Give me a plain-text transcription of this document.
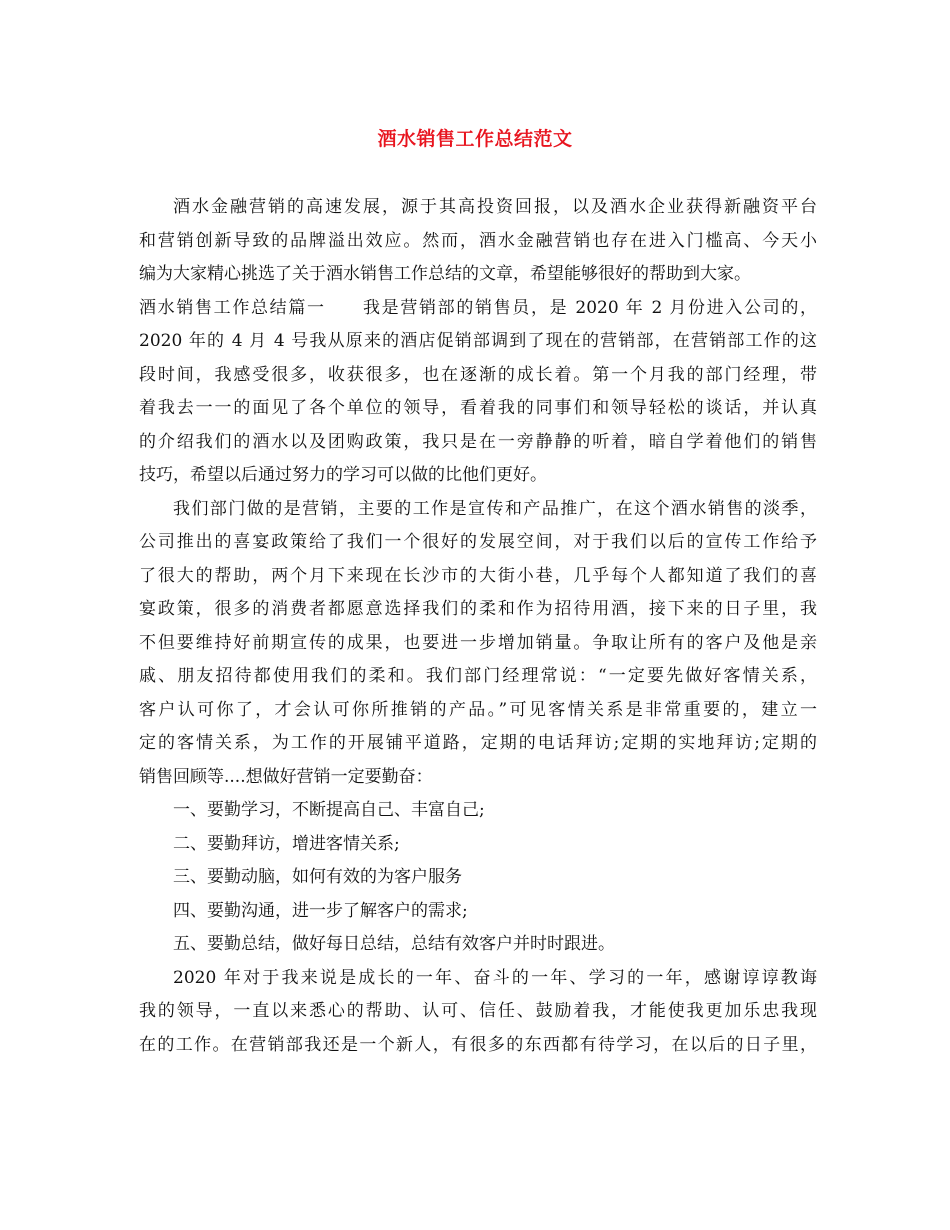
酒水销售工作总结范文
酒水金融营销的高速发展，源于其高投资回报，以及酒水企业获得新融资平台
和营销创新导致的品牌溢出效应。然而，酒水金融营销也存在进入门槛高、今天小
编为大家精心挑选了关于酒水销售工作总结的文章，希望能够很好的帮助到大家。
酒水销售工作总结篇一　　我是营销部的销售员，是 2020 年 2 月份进入公司的，
2020 年的 4 月 4 号我从原来的酒店促销部调到了现在的营销部，在营销部工作的这
段时间，我感受很多，收获很多，也在逐渐的成长着。第一个月我的部门经理，带
着我去一一的面见了各个单位的领导，看着我的同事们和领导轻松的谈话，并认真
的介绍我们的酒水以及团购政策，我只是在一旁静静的听着，暗自学着他们的销售
技巧，希望以后通过努力的学习可以做的比他们更好。
我们部门做的是营销，主要的工作是宣传和产品推广，在这个酒水销售的淡季，
公司推出的喜宴政策给了我们一个很好的发展空间，对于我们以后的宣传工作给予
了很大的帮助，两个月下来现在长沙市的大街小巷，几乎每个人都知道了我们的喜
宴政策，很多的消费者都愿意选择我们的柔和作为招待用酒，接下来的日子里，我
不但要维持好前期宣传的成果，也要进一步增加销量。争取让所有的客户及他是亲
戚、朋友招待都使用我们的柔和。我们部门经理常说：“一定要先做好客情关系，
客户认可你了，才会认可你所推销的产品。”可见客情关系是非常重要的，建立一
定的客情关系，为工作的开展铺平道路，定期的电话拜访;定期的实地拜访;定期的
销售回顾等....想做好营销一定要勤奋：
一、要勤学习，不断提高自己、丰富自己;
二、要勤拜访，增进客情关系;
三、要勤动脑，如何有效的为客户服务
四、要勤沟通，进一步了解客户的需求;
五、要勤总结，做好每日总结，总结有效客户并时时跟进。
2020 年对于我来说是成长的一年、奋斗的一年、学习的一年，感谢谆谆教诲
我的领导，一直以来悉心的帮助、认可、信任、鼓励着我，才能使我更加乐忠我现
在的工作。在营销部我还是一个新人，有很多的东西都有待学习，在以后的日子里，
